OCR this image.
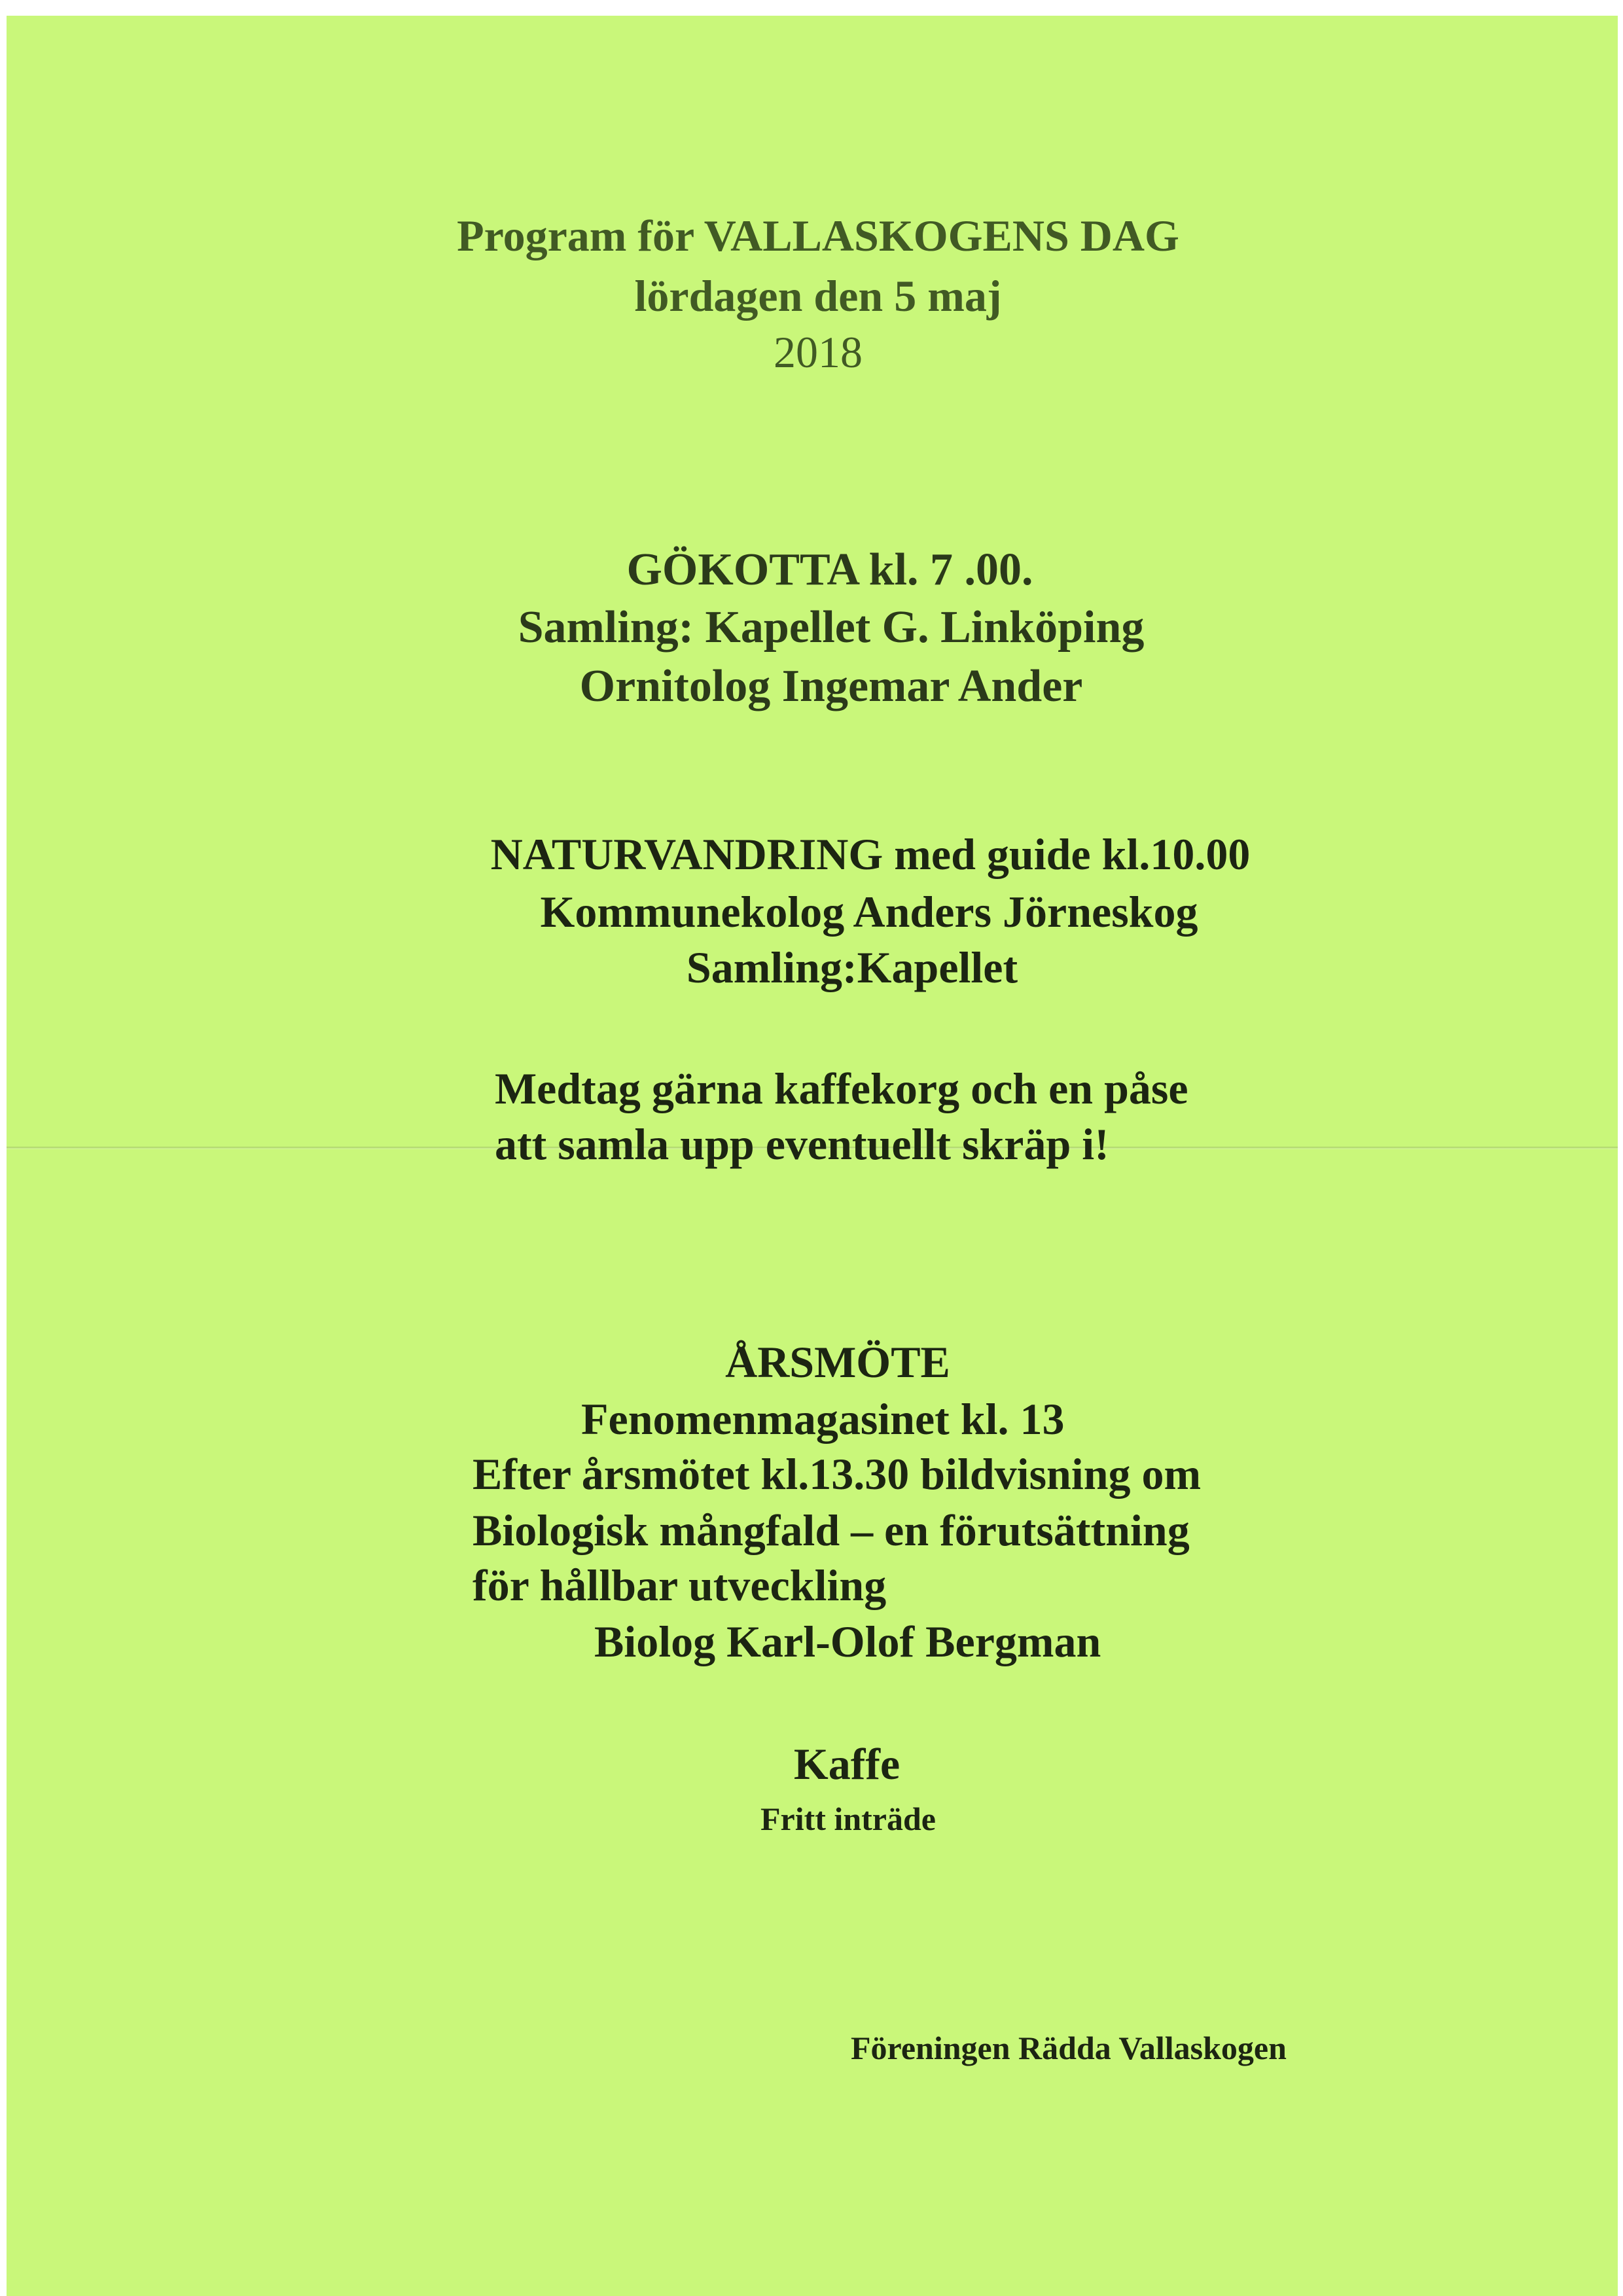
Program för VALLASKOGENS DAG
lördagen den 5 maj
2018
GÖKOTTA kl. 7 .00.
Samling: Kapellet G. Linköping
Ornitolog Ingemar Ander
NATURVANDRING med guide kl.10.00
Kommunekolog Anders Jörneskog
Samling:Kapellet
Medtag gärna kaffekorg och en påse
att samla upp eventuellt skräp i!
ÅRSMÖTE
Fenomenmagasinet kl. 13
Efter årsmötet kl.13.30 bildvisning om
Biologisk mångfald – en förutsättning
för hållbar utveckling
Biolog Karl-Olof Bergman
Kaffe
Fritt inträde
Föreningen Rädda Vallaskogen
